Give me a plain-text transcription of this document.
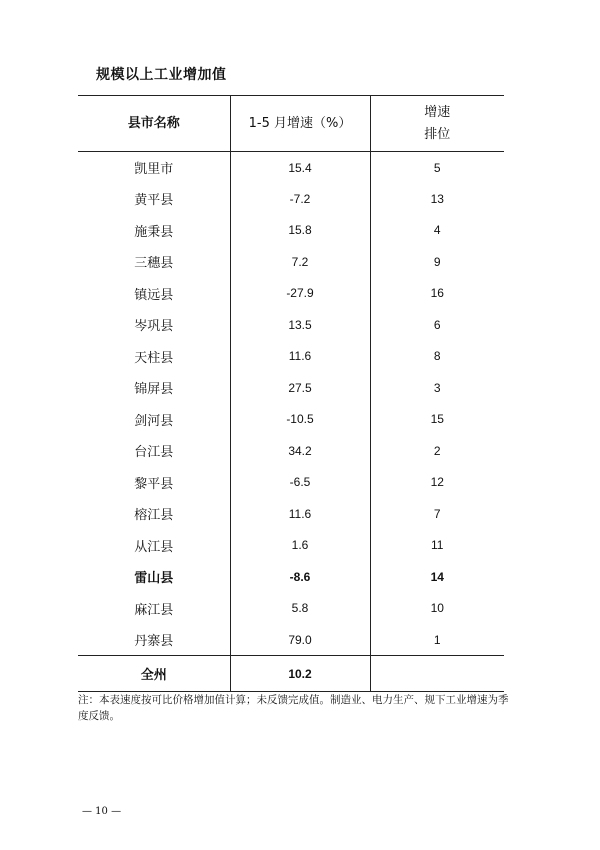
规模以上工业增加值
县市名称	1-5 月增速（%）	增速
排位

凯里市	15.4	5
黄平县	-7.2	13
施秉县	15.8	4
三穗县	7.2	9
镇远县	-27.9	16
岑巩县	13.5	6
天柱县	11.6	8
锦屏县	27.5	3
剑河县	-10.5	15
台江县	34.2	2
黎平县	-6.5	12
榕江县	11.6	7
从江县	1.6	11
雷山县	-8.6	14
麻江县	5.8	10
丹寨县	79.0	1
全州	10.2	
注：本表速度按可比价格增加值计算；未反馈完成值。制造业、电力生产、规下工业增速为季度反馈。
— 10 —
